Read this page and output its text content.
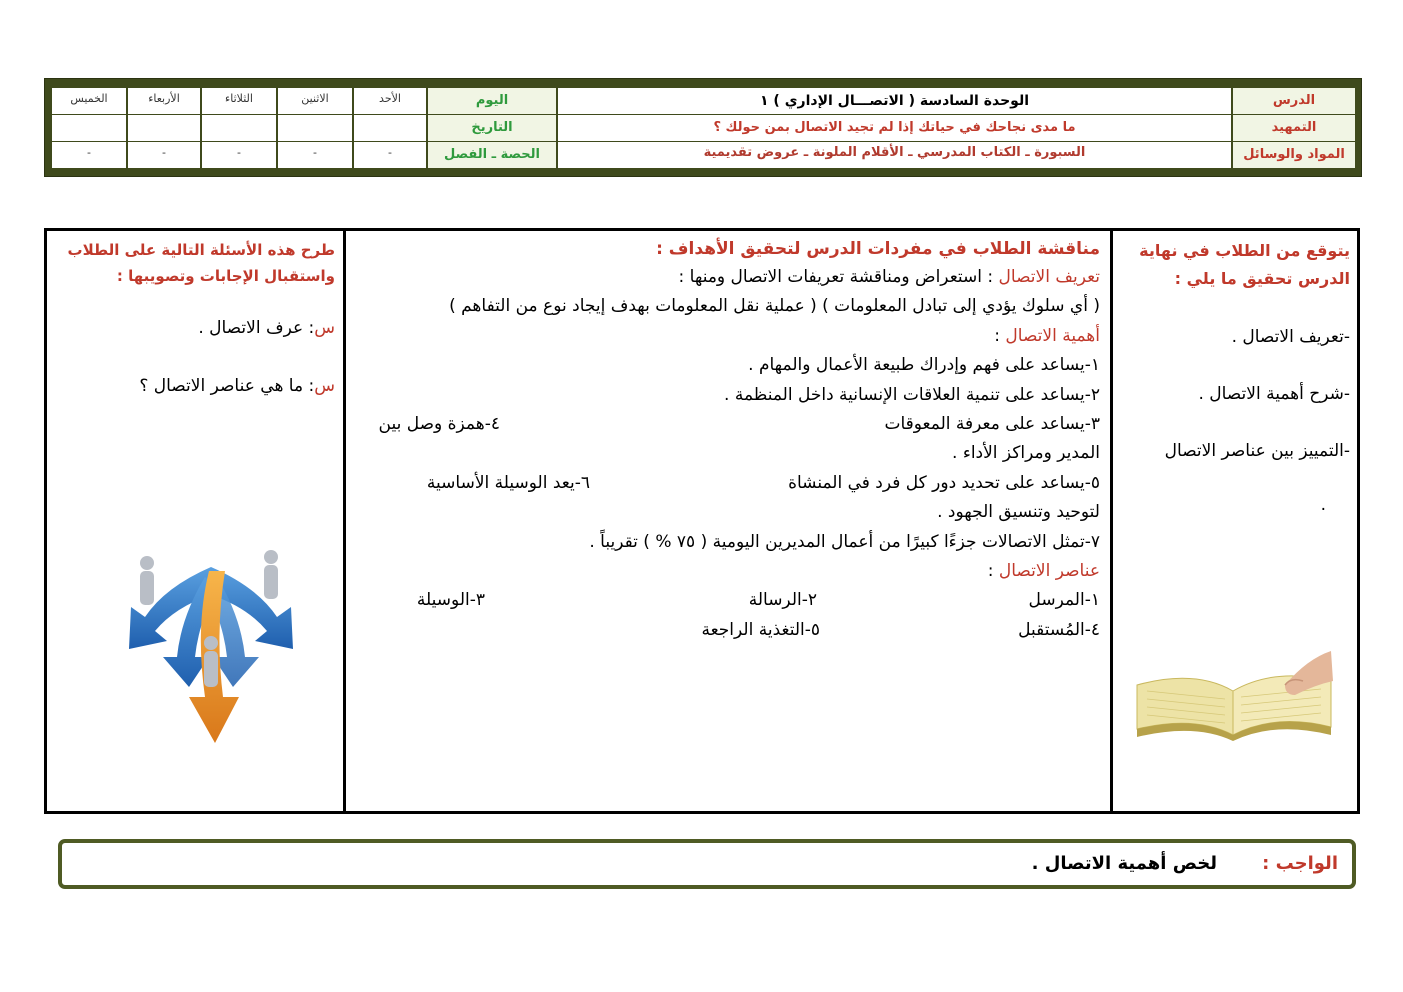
الدرس
الوحدة السادسة ( الاتصـــال الإداري ) ١
اليوم
الأحد
الاثنين
الثلاثاء
الأربعاء
الخميس
التمهيد
ما مدى نجاحك في حياتك إذا لم تجيد الاتصال بمن حولك ؟
التاريخ
المواد والوسائل
السبورة ـ الكتاب المدرسي ـ الأقلام الملونة ـ عروض تقديمية
الحصة ـ الفصل
-
-
-
-
-
يتوقع من الطلاب في نهاية الدرس تحقيق ما يلي :
-تعريف الاتصال .
-شرح أهمية الاتصال .
-التمييز بين عناصر الاتصال
.
مناقشة الطلاب في مفردات الدرس لتحقيق الأهداف :
تعريف الاتصال : استعراض ومناقشة تعريفات الاتصال ومنها :
( أي سلوك يؤدي إلى تبادل المعلومات ) ( عملية نقل المعلومات بهدف إيجاد نوع من التفاهم )
أهمية الاتصال :
١-يساعد على فهم وإدراك طبيعة الأعمال والمهام .
٢-يساعد على تنمية العلاقات الإنسانية داخل المنظمة .
٣-يساعد على معرفة المعوقات
٤-همزة وصل بين
المدير ومراكز الأداء .
٥-يساعد على تحديد دور كل فرد في المنشاة
٦-يعد الوسيلة الأساسية
لتوحيد وتنسيق الجهود .
٧-تمثل الاتصالات جزءًا كبيرًا من أعمال المديرين اليومية ( ٧٥ % ) تقريباً .
عناصر الاتصال :
١-المرسل
٢-الرسالة
٣-الوسيلة
٤-المُستقبل
٥-التغذية الراجعة
طرح هذه الأسئلة التالية على الطلاب واستقبال الإجابات وتصويبها :
س: عرف الاتصال .
س: ما هي عناصر الاتصال ؟
الواجب :
لخص أهمية الاتصال .
